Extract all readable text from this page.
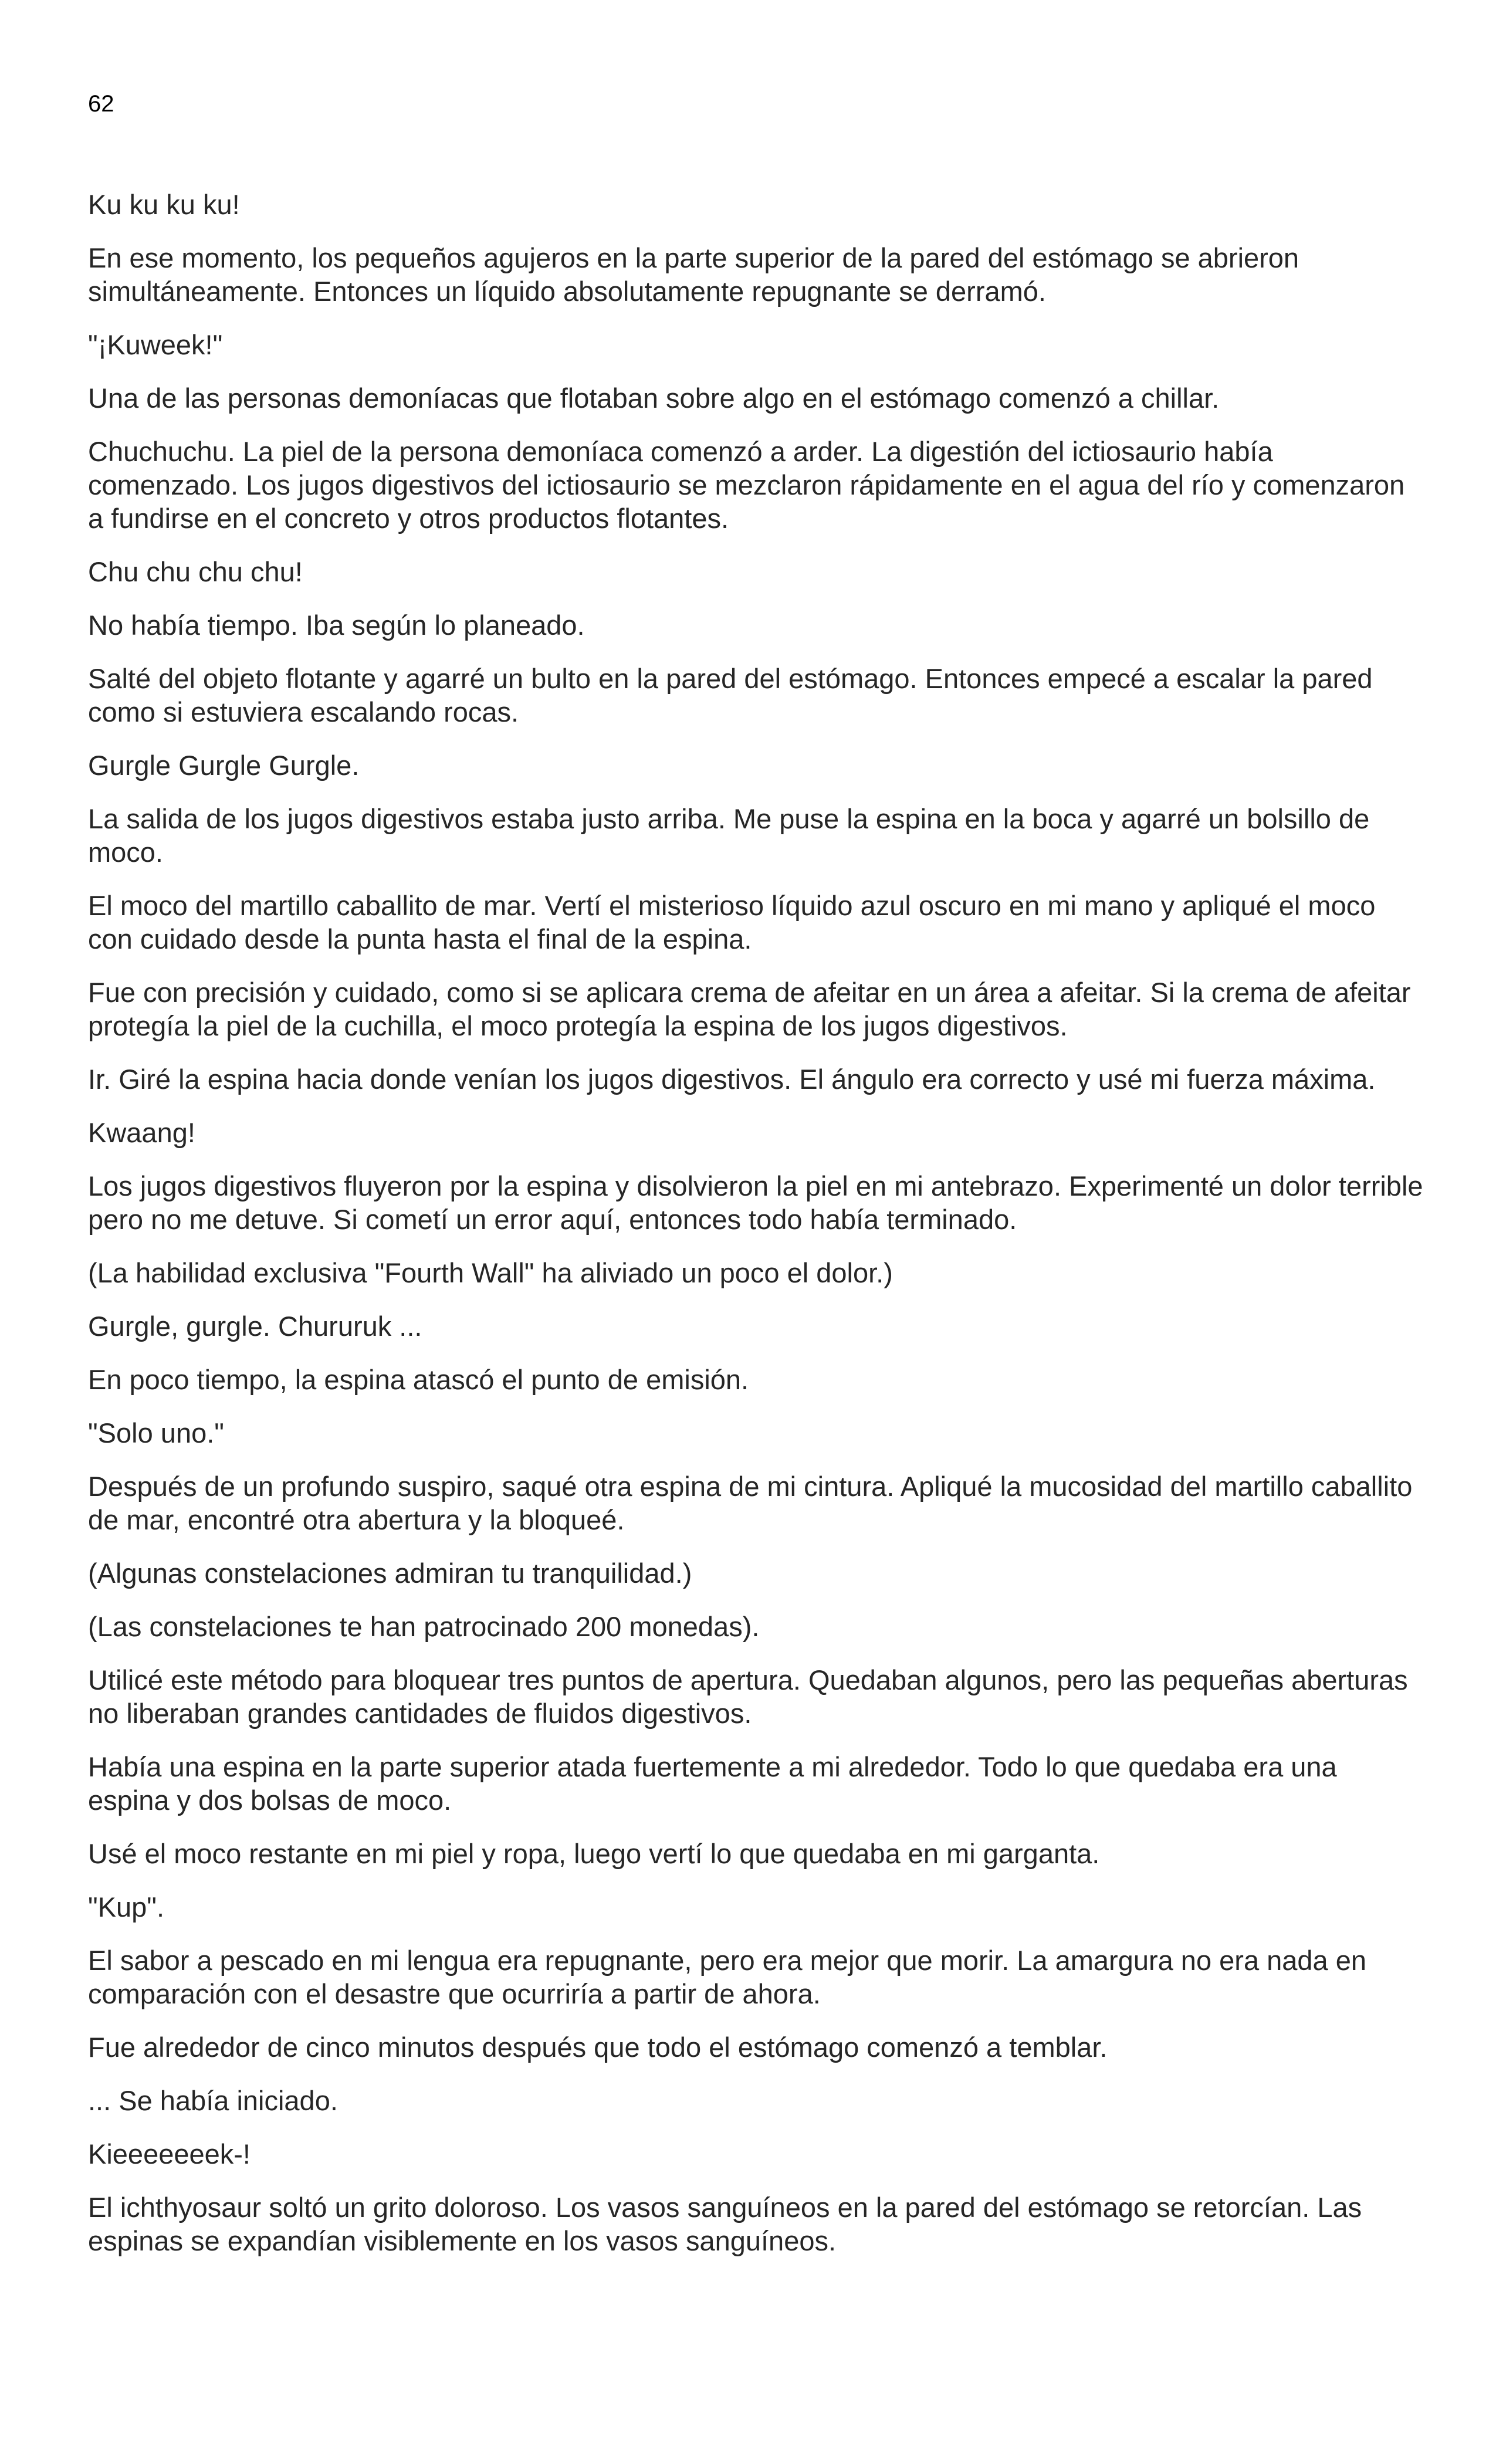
62

Ku ku ku ku!

En ese momento, los pequeños agujeros en la parte superior de la pared del estómago se abrieron simultáneamente. Entonces un líquido absolutamente repugnante se derramó.

"¡Kuweek!"

Una de las personas demoníacas que flotaban sobre algo en el estómago comenzó a chillar.

Chuchuchu. La piel de la persona demoníaca comenzó a arder. La digestión del ictiosaurio había comenzado. Los jugos digestivos del ictiosaurio se mezclaron rápidamente en el agua del río y comenzaron a fundirse en el concreto y otros productos flotantes.

Chu chu chu chu!

No había tiempo. Iba según lo planeado.

Salté del objeto flotante y agarré un bulto en la pared del estómago. Entonces empecé a escalar la pared como si estuviera escalando rocas.

Gurgle Gurgle Gurgle.

La salida de los jugos digestivos estaba justo arriba. Me puse la espina en la boca y agarré un bolsillo de moco.

El moco del martillo caballito de mar. Vertí el misterioso líquido azul oscuro en mi mano y apliqué el moco con cuidado desde la punta hasta el final de la espina.

Fue con precisión y cuidado, como si se aplicara crema de afeitar en un área a afeitar. Si la crema de afeitar protegía la piel de la cuchilla, el moco protegía la espina de los jugos digestivos.

Ir. Giré la espina hacia donde venían los jugos digestivos. El ángulo era correcto y usé mi fuerza máxima.

Kwaang!

Los jugos digestivos fluyeron por la espina y disolvieron la piel en mi antebrazo. Experimenté un dolor terrible pero no me detuve. Si cometí un error aquí, entonces todo había terminado.

(La habilidad exclusiva "Fourth Wall" ha aliviado un poco el dolor.)

Gurgle, gurgle. Chururuk ...

En poco tiempo, la espina atascó el punto de emisión.

"Solo uno."

Después de un profundo suspiro, saqué otra espina de mi cintura. Apliqué la mucosidad del martillo caballito de mar, encontré otra abertura y la bloqueé.

(Algunas constelaciones admiran tu tranquilidad.)

(Las constelaciones te han patrocinado 200 monedas).

Utilicé este método para bloquear tres puntos de apertura. Quedaban algunos, pero las pequeñas aberturas no liberaban grandes cantidades de fluidos digestivos.

Había una espina en la parte superior atada fuertemente a mi alrededor. Todo lo que quedaba era una espina y dos bolsas de moco.

Usé el moco restante en mi piel y ropa, luego vertí lo que quedaba en mi garganta.

"Kup".

El sabor a pescado en mi lengua era repugnante, pero era mejor que morir. La amargura no era nada en comparación con el desastre que ocurriría a partir de ahora.

Fue alrededor de cinco minutos después que todo el estómago comenzó a temblar.

... Se había iniciado.

Kieeeeeeek-!

El ichthyosaur soltó un grito doloroso. Los vasos sanguíneos en la pared del estómago se retorcían. Las espinas se expandían visiblemente en los vasos sanguíneos.
